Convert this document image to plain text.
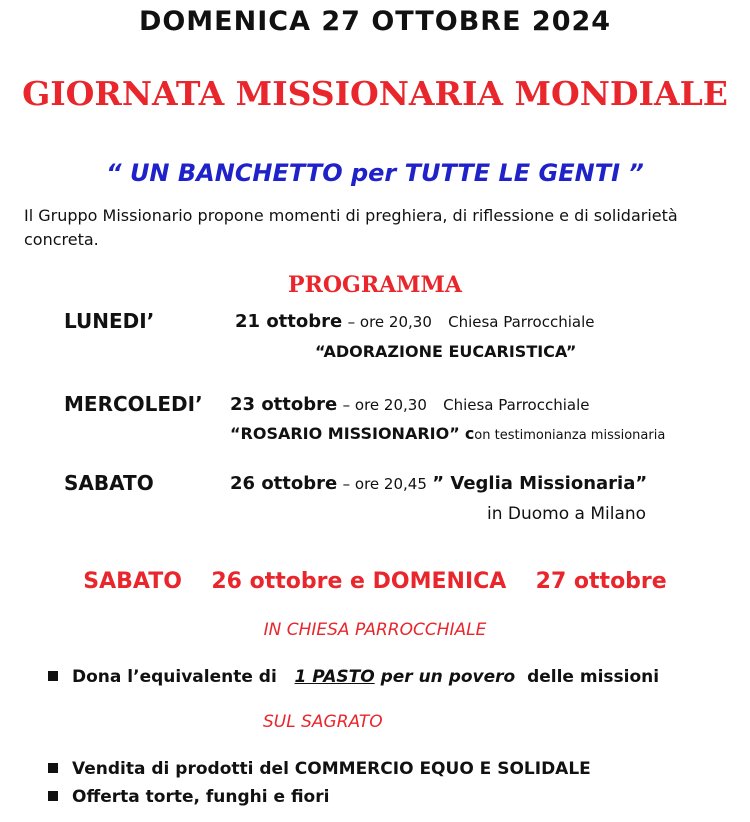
DOMENICA 27 OTTOBRE 2024
GIORNATA MISSIONARIA MONDIALE
“ UN BANCHETTO per TUTTE LE GENTI ”
Il Gruppo Missionario propone momenti di preghiera, di riflessione e di solidarietà concreta.
PROGRAMMA
LUNEDI’	21 ottobre – ore 20,30 Chiesa Parrocchiale
“ADORAZIONE EUCARISTICA”
MERCOLEDI’ 23 ottobre – ore 20,30 Chiesa Parrocchiale
“ROSARIO MISSIONARIO” con testimonianza missionaria
SABATO	26 ottobre – ore 20,45 ” Veglia Missionaria”
in Duomo a Milano
SABATO 26 ottobre e DOMENICA 27 ottobre
IN CHIESA PARROCCHIALE
Dona l’equivalente di 1 PASTO per un povero delle missioni
SUL SAGRATO
Vendita di prodotti del COMMERCIO EQUO E SOLIDALE
Offerta torte, funghi e fiori
